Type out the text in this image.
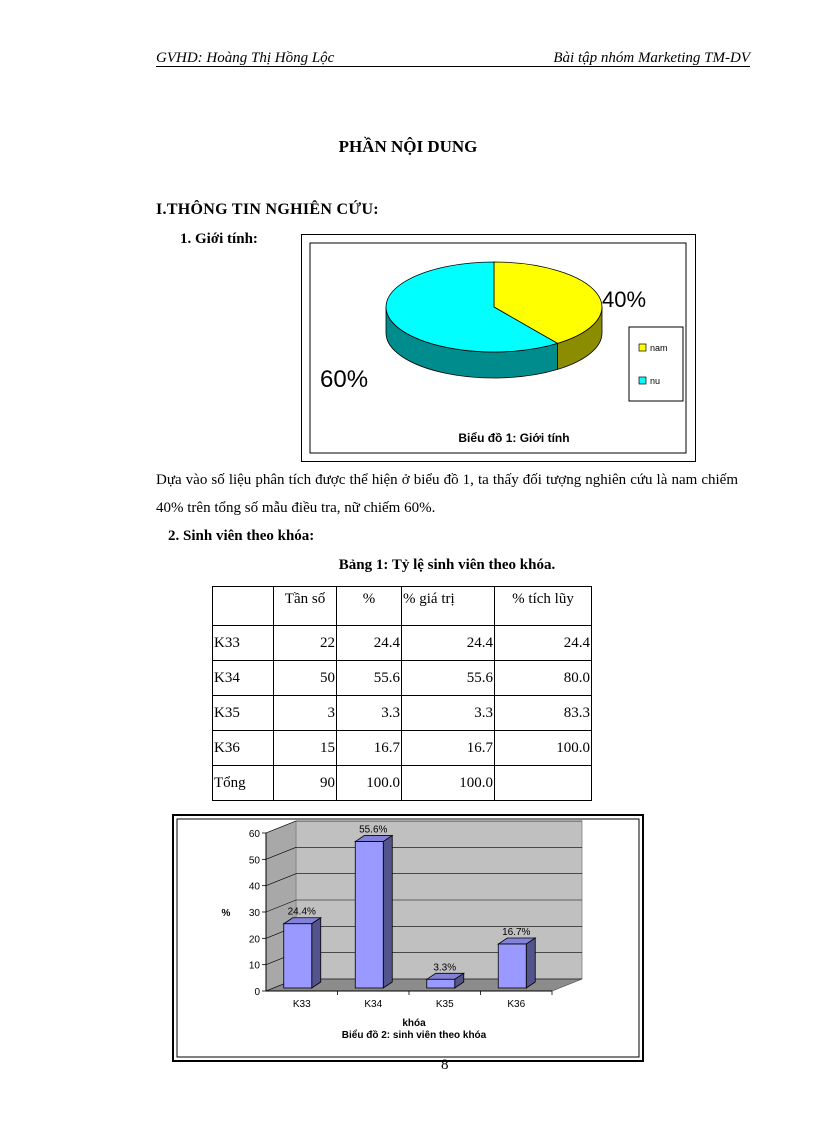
GVHD: Hoàng Thị Hồng Lộc	Bài tập nhóm Marketing TM-DV
PHẦN NỘI DUNG
I.THÔNG TIN NGHIÊN CỨU:
1. Giới tính:
40%
60%
nam
nu
Biểu đồ 1: Giới tính
Dựa vào số liệu phân tích được thể hiện ở biểu đồ 1, ta thấy đối tượng nghiên cứu là nam chiếm 40% trên tổng số mẫu điều tra, nữ chiếm 60%.
2. Sinh viên theo khóa:
Bảng 1: Tỷ lệ sinh viên theo khóa.
	Tần số	%	% giá trị	% tích lũy
K33	22	24.4	24.4	24.4
K34	50	55.6	55.6	80.0
K35	3	3.3	3.3	83.3
K36	15	16.7	16.7	100.0
Tổng	90	100.0	100.0	
0
10
20
30
40
50
60
24.4%
K33
55.6%
K34
3.3%
K35
16.7%
K36
%
khóa
Biểu đồ 2: sinh viên theo khóa
8
